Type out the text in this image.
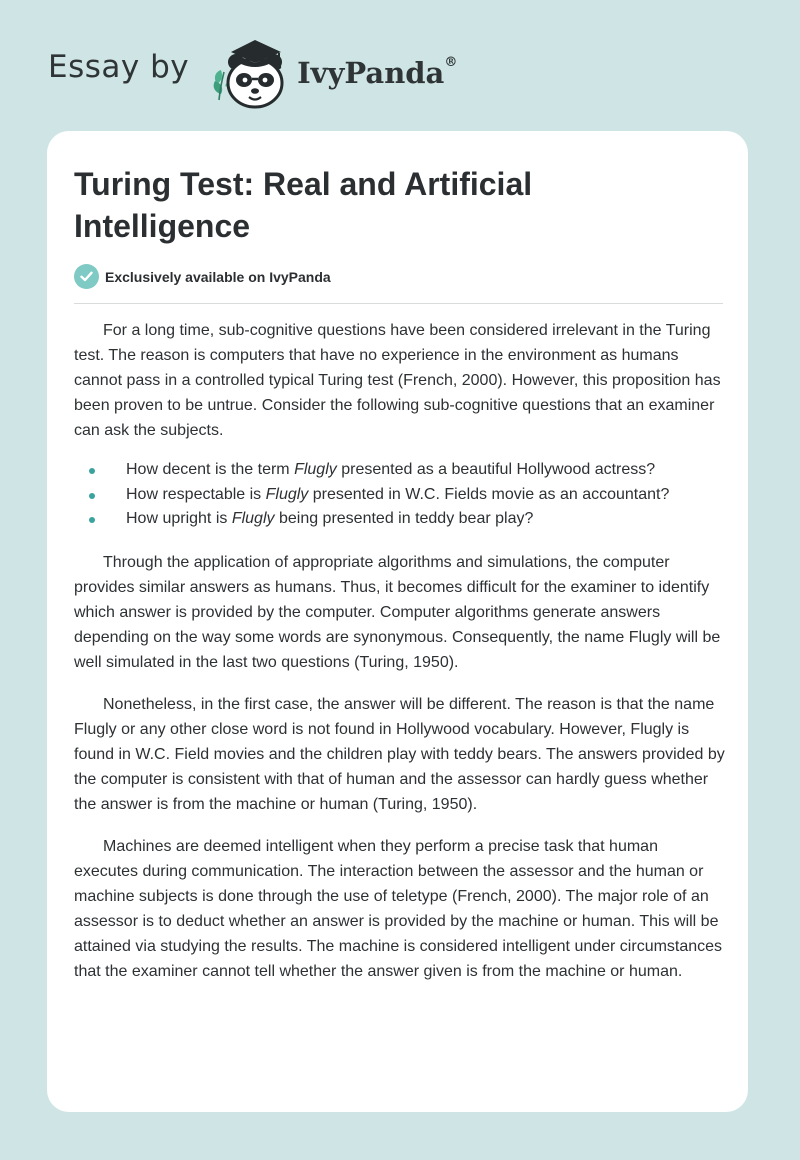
Essay by	IvyPanda®
Turing Test: Real and Artificial Intelligence
Exclusively available on IvyPanda

For a long time, sub-cognitive questions have been considered irrelevant in the Turing test. The reason is computers that have no experience in the environment as humans cannot pass in a controlled typical Turing test (French, 2000). However, this proposition has been proven to be untrue. Consider the following sub-cognitive questions that an examiner can ask the subjects.

How decent is the term Flugly presented as a beautiful Hollywood actress?
How respectable is Flugly presented in W.C. Fields movie as an accountant?
How upright is Flugly being presented in teddy bear play?

Through the application of appropriate algorithms and simulations, the computer provides similar answers as humans. Thus, it becomes difficult for the examiner to identify which answer is provided by the computer. Computer algorithms generate answers depending on the way some words are synonymous. Consequently, the name Flugly will be well simulated in the last two questions (Turing, 1950).

Nonetheless, in the first case, the answer will be different. The reason is that the name Flugly or any other close word is not found in Hollywood vocabulary. However, Flugly is found in W.C. Field movies and the children play with teddy bears. The answers provided by the computer is consistent with that of human and the assessor can hardly guess whether the answer is from the machine or human (Turing, 1950).

Machines are deemed intelligent when they perform a precise task that human executes during communication. The interaction between the assessor and the human or machine subjects is done through the use of teletype (French, 2000). The major role of an assessor is to deduct whether an answer is provided by the machine or human. This will be attained via studying the results. The machine is considered intelligent under circumstances that the examiner cannot tell whether the answer given is from the machine or human.
